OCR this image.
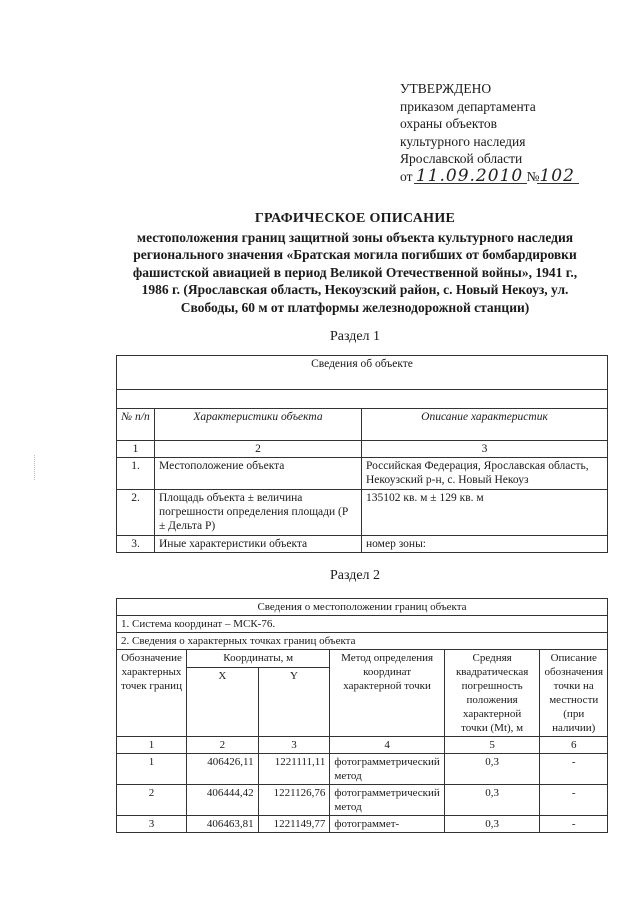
УТВЕРЖДЕНО
приказом департамента
охраны объектов
культурного наследия
Ярославской области
от 11.09.2010 №102
ГРАФИЧЕСКОЕ ОПИСАНИЕ
местоположения границ защитной зоны объекта культурного наследия
регионального значения «Братская могила погибших от бомбардировки
фашистской авиацией в период Великой Отечественной войны», 1941 г.,
1986 г. (Ярославская область, Некоузский район, с. Новый Некоуз, ул.
Свободы, 60 м от платформы железнодорожной станции)
Раздел 1
Сведения об объекте		

№ п/п	Характеристики объекта	Описание характеристик
1	2	3
1.	Местоположение объекта	Российская Федерация, Ярославская область, Некоузский р-н, с. Новый Некоуз
2.	Площадь объекта ± величина погрешности определения площади (Р ± Дельта Р)	135102 кв. м ± 129 кв. м
3.	Иные характеристики объекта	номер зоны:
Раздел 2
Сведения о местоположении границ объекта					
1. Система координат – МСК-76.					
2. Сведения о характерных точках границ объекта					
Обозначение характерных точек границ	Координаты, м		Метод определения координат характерной точки	Средняя квадратическая погрешность положения характерной точки (Mt), м	Описание обозначения точки на местности (при наличии)
	X	Y			
1	2	3	4	5	6
1	406426,11	1221111,11	фотограмметрический метод	0,3	-
2	406444,42	1221126,76	фотограмметрический метод	0,3	-
3	406463,81	1221149,77	фотограммет-	0,3	-
